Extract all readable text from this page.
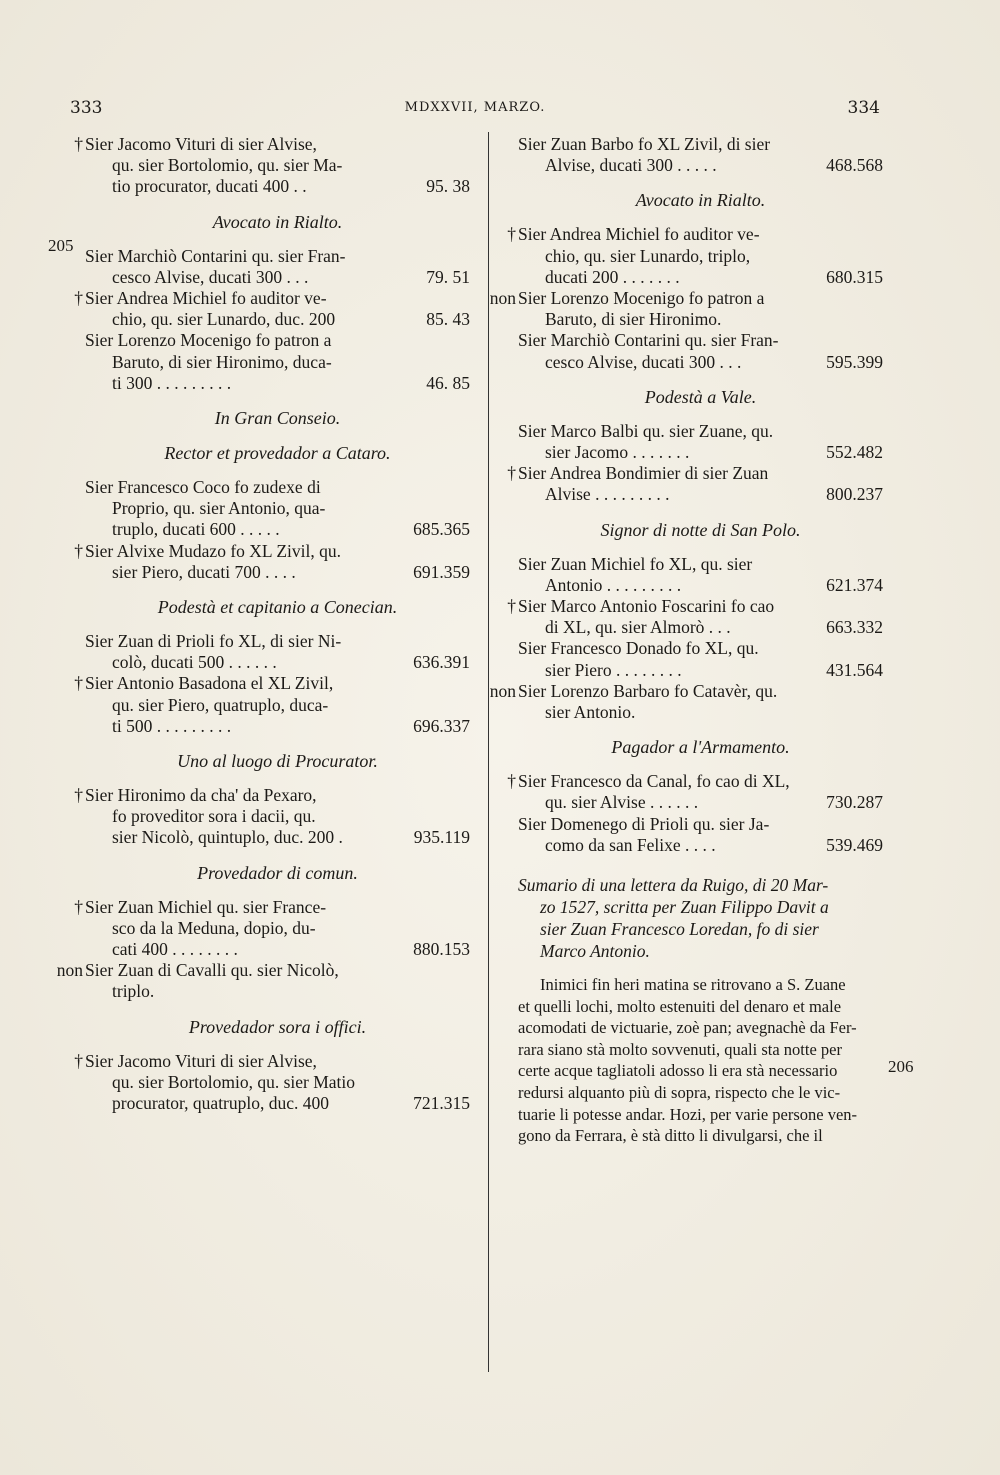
333	MDXXVII, MARZO.	334
205
206
† Sier Jacomo Vituri di sier Alvise,
qu. sier Bortolomio, qu. sier Ma-
tio procurator, ducati 400 . .	95. 38
Avocato in Rialto.
Sier Marchiò Contarini qu. sier Fran-
cesco Alvise, ducati 300 . . .	79. 51
† Sier Andrea Michiel fo auditor ve-
chio, qu. sier Lunardo, duc. 200	85. 43
Sier Lorenzo Mocenigo fo patron a
Baruto, di sier Hironimo, duca-
ti 300 . . . . . . . . .	46. 85
In Gran Conseio.
Rector et provedador a Cataro.
Sier Francesco Coco fo zudexe di
Proprio, qu. sier Antonio, qua-
truplo, ducati 600 . . . . .	685.365
† Sier Alvixe Mudazo fo XL Zivil, qu.
sier Piero, ducati 700 . . . .	691.359
Podestà et capitanio a Conecian.
Sier Zuan di Prioli fo XL, di sier Ni-
colò, ducati 500 . . . . . .	636.391
† Sier Antonio Basadona el XL Zivil,
qu. sier Piero, quatruplo, duca-
ti 500 . . . . . . . . .	696.337
Uno al luogo di Procurator.
† Sier Hironimo da cha' da Pexaro,
fo proveditor sora i dacii, qu.
sier Nicolò, quintuplo, duc. 200 .	935.119
Provedador di comun.
† Sier Zuan Michiel qu. sier France-
sco da la Meduna, dopio, du-
cati 400 . . . . . . . .	880.153
non Sier Zuan di Cavalli qu. sier Nicolò,
triplo.
Provedador sora i offici.
† Sier Jacomo Vituri di sier Alvise,
qu. sier Bortolomio, qu. sier Matio
procurator, quatruplo, duc. 400	721.315
Sier Zuan Barbo fo XL Zivil, di sier
Alvise, ducati 300 . . . . .	468.568
Avocato in Rialto.
† Sier Andrea Michiel fo auditor ve-
chio, qu. sier Lunardo, triplo,
ducati 200 . . . . . . .	680.315
non Sier Lorenzo Mocenigo fo patron a
Baruto, di sier Hironimo.
Sier Marchiò Contarini qu. sier Fran-
cesco Alvise, ducati 300 . . .	595.399
Podestà a Vale.
Sier Marco Balbi qu. sier Zuane, qu.
sier Jacomo . . . . . . .	552.482
† Sier Andrea Bondimier di sier Zuan
Alvise . . . . . . . . .	800.237
Signor di notte di San Polo.
Sier Zuan Michiel fo XL, qu. sier
Antonio . . . . . . . . .	621.374
† Sier Marco Antonio Foscarini fo cao
di XL, qu. sier Almorò . . .	663.332
Sier Francesco Donado fo XL, qu.
sier Piero . . . . . . . .	431.564
non Sier Lorenzo Barbaro fo Catavèr, qu.
sier Antonio.
Pagador a l'Armamento.
† Sier Francesco da Canal, fo cao di XL,
qu. sier Alvise . . . . . .	730.287
Sier Domenego di Prioli qu. sier Ja-
como da san Felixe . . . .	539.469
Sumario di una lettera da Ruigo, di 20 Mar-
zo 1527, scritta per Zuan Filippo Davit a
sier Zuan Francesco Loredan, fo di sier
Marco Antonio.
Inimici fin heri matina se ritrovano a S. Zuane
et quelli lochi, molto estenuiti del denaro et male
acomodati de victuarie, zoè pan; avegnachè da Fer-
rara siano stà molto sovvenuti, quali sta notte per
certe acque tagliatoli adosso li era stà necessario
redursi alquanto più di sopra, rispecto che le vic-
tuarie li potesse andar. Hozi, per varie persone ven-
gono da Ferrara, è stà ditto li divulgarsi, che il
